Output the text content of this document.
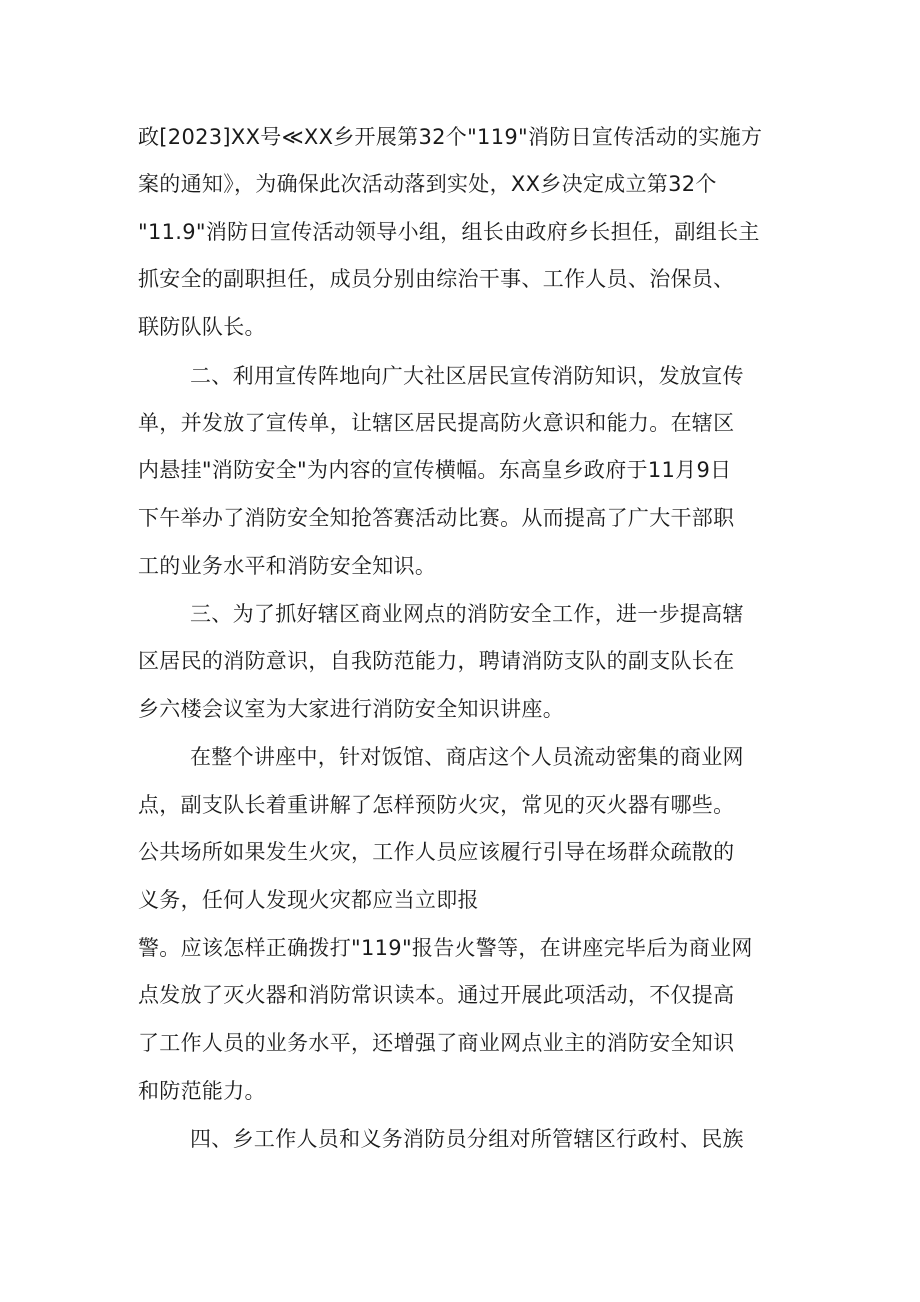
政[2023]XX号≪XX乡开展第32个"119"消防日宣传活动的实施方
案的通知》，为确保此次活动落到实处，XX乡决定成立第32个
"11.9"消防日宣传活动领导小组，组长由政府乡长担任，副组长主
抓安全的副职担任，成员分别由综治干事、工作人员、治保员、
联防队队长。
二、利用宣传阵地向广大社区居民宣传消防知识，发放宣传
单，并发放了宣传单，让辖区居民提高防火意识和能力。在辖区
内悬挂"消防安全"为内容的宣传横幅。东高皇乡政府于11月9日
下午举办了消防安全知抢答赛活动比赛。从而提高了广大干部职
工的业务水平和消防安全知识。
三、为了抓好辖区商业网点的消防安全工作，进一步提高辖
区居民的消防意识，自我防范能力，聘请消防支队的副支队长在
乡六楼会议室为大家进行消防安全知识讲座。
在整个讲座中，针对饭馆、商店这个人员流动密集的商业网
点，副支队长着重讲解了怎样预防火灾，常见的灭火器有哪些。
公共场所如果发生火灾，工作人员应该履行引导在场群众疏散的
义务，任何人发现火灾都应当立即报
警。应该怎样正确拨打"119"报告火警等，在讲座完毕后为商业网
点发放了灭火器和消防常识读本。通过开展此项活动，不仅提高
了工作人员的业务水平，还增强了商业网点业主的消防安全知识
和防范能力。
四、乡工作人员和义务消防员分组对所管辖区行政村、民族
